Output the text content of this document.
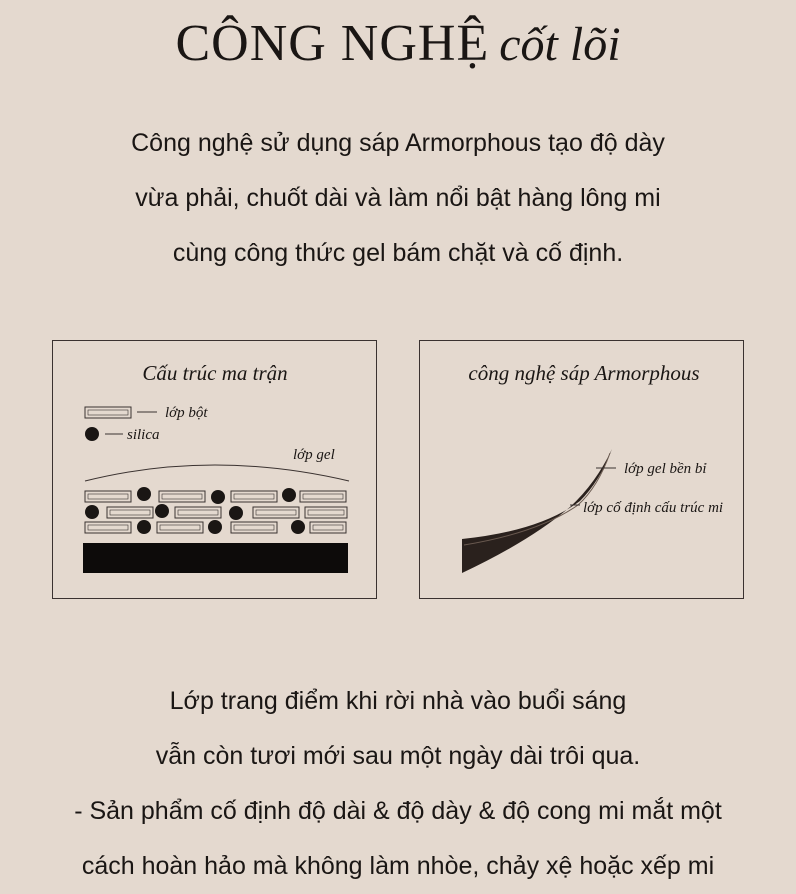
CÔNG NGHỆ cốt lõi
Công nghệ sử dụng sáp Armorphous tạo độ dày
vừa phải, chuốt dài và làm nổi bật hàng lông mi
cùng công thức gel bám chặt và cố định.
Cấu trúc ma trận
lớp bột
silica
lớp gel
công nghệ sáp Armorphous
lớp gel bền bỉ
lớp cố định cấu trúc mi
Lớp trang điểm khi rời nhà vào buổi sáng
vẫn còn tươi mới sau một ngày dài trôi qua.
- Sản phẩm cố định độ dài & độ dày & độ cong mi mắt một
cách hoàn hảo mà không làm nhòe, chảy xệ hoặc xếp mi
